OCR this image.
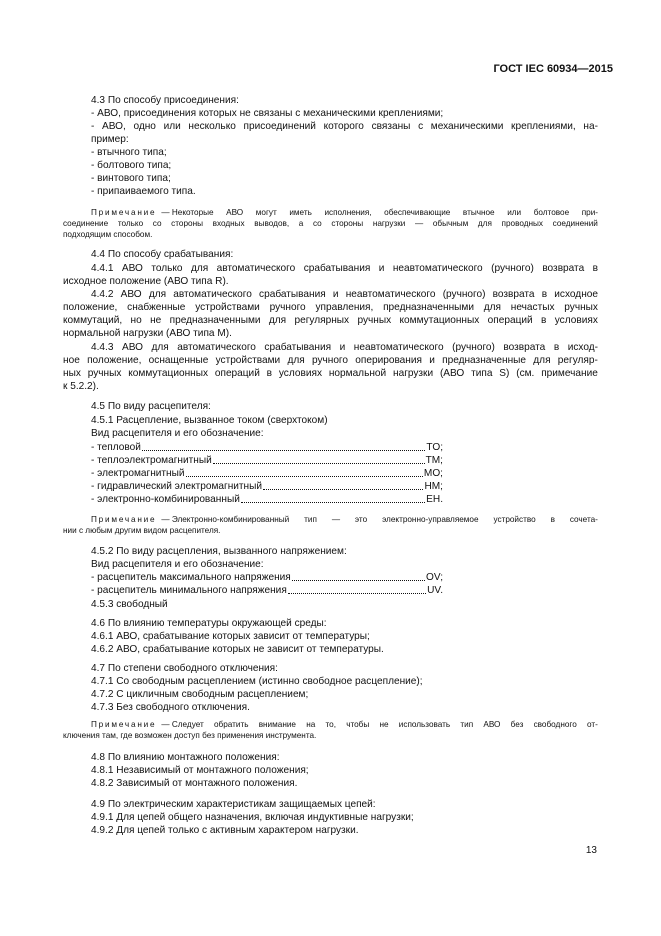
ГОСТ IEC 60934—2015
4.3 По способу присоединения:
- АВО, присоединения которых не связаны с механическими креплениями;
- АВО, одно или несколько присоединений которого связаны с механическими креплениями, на-
пример:
- втычного типа;
- болтового типа;
- винтового типа;
- припаиваемого типа.
Примечание — Некоторые АВО могут иметь исполнения, обеспечивающие втычное или болтовое при-
соединение только со стороны входных выводов, а со стороны нагрузки — обычным для проводных соединений
подходящим способом.
4.4 По способу срабатывания:
4.4.1 АВО только для автоматического срабатывания и неавтоматического (ручного) возврата в
исходное положение (АВО типа R).
4.4.2 АВО для автоматического срабатывания и неавтоматического (ручного) возврата в исходное
положение, снабженные устройствами ручного управления, предназначенными для нечастых ручных
коммутаций, но не предназначенными для регулярных ручных коммутационных операций в условиях
нормальной нагрузки (АВО типа M).
4.4.3 АВО для автоматического срабатывания и неавтоматического (ручного) возврата в исход-
ное положение, оснащенные устройствами для ручного оперирования и предназначенные для регуляр-
ных ручных коммутационных операций в условиях нормальной нагрузки (АВО типа S) (см. примечание
к 5.2.2).
4.5 По виду расцепителя:
4.5.1 Расцепление, вызванное током (сверхтоком)
Вид расцепителя и его обозначение:
- тепловой	TO;
- теплоэлектромагнитный	TM;
- электромагнитный	MO;
- гидравлический электромагнитный	HM;
- электронно-комбинированный	EH.
Примечание — Электронно-комбинированный тип — это электронно-управляемое устройство в сочета-
нии с любым другим видом расцепителя.
4.5.2 По виду расцепления, вызванного напряжением:
Вид расцепителя и его обозначение:
- расцепитель максимального напряжения	OV;
- расцепитель минимального напряжения	UV.
4.5.3 свободный
4.6 По влиянию температуры окружающей среды:
4.6.1 АВО, срабатывание которых зависит от температуры;
4.6.2 АВО, срабатывание которых не зависит от температуры.
4.7 По степени свободного отключения:
4.7.1 Со свободным расцеплением (истинно свободное расцепление);
4.7.2 С цикличным свободным расцеплением;
4.7.3 Без свободного отключения.
Примечание — Следует обратить внимание на то, чтобы не использовать тип АВО без свободного от-
ключения там, где возможен доступ без применения инструмента.
4.8 По влиянию монтажного положения:
4.8.1 Независимый от монтажного положения;
4.8.2 Зависимый от монтажного положения.
4.9 По электрическим характеристикам защищаемых цепей:
4.9.1 Для цепей общего назначения, включая индуктивные нагрузки;
4.9.2 Для цепей только с активным характером нагрузки.
13
